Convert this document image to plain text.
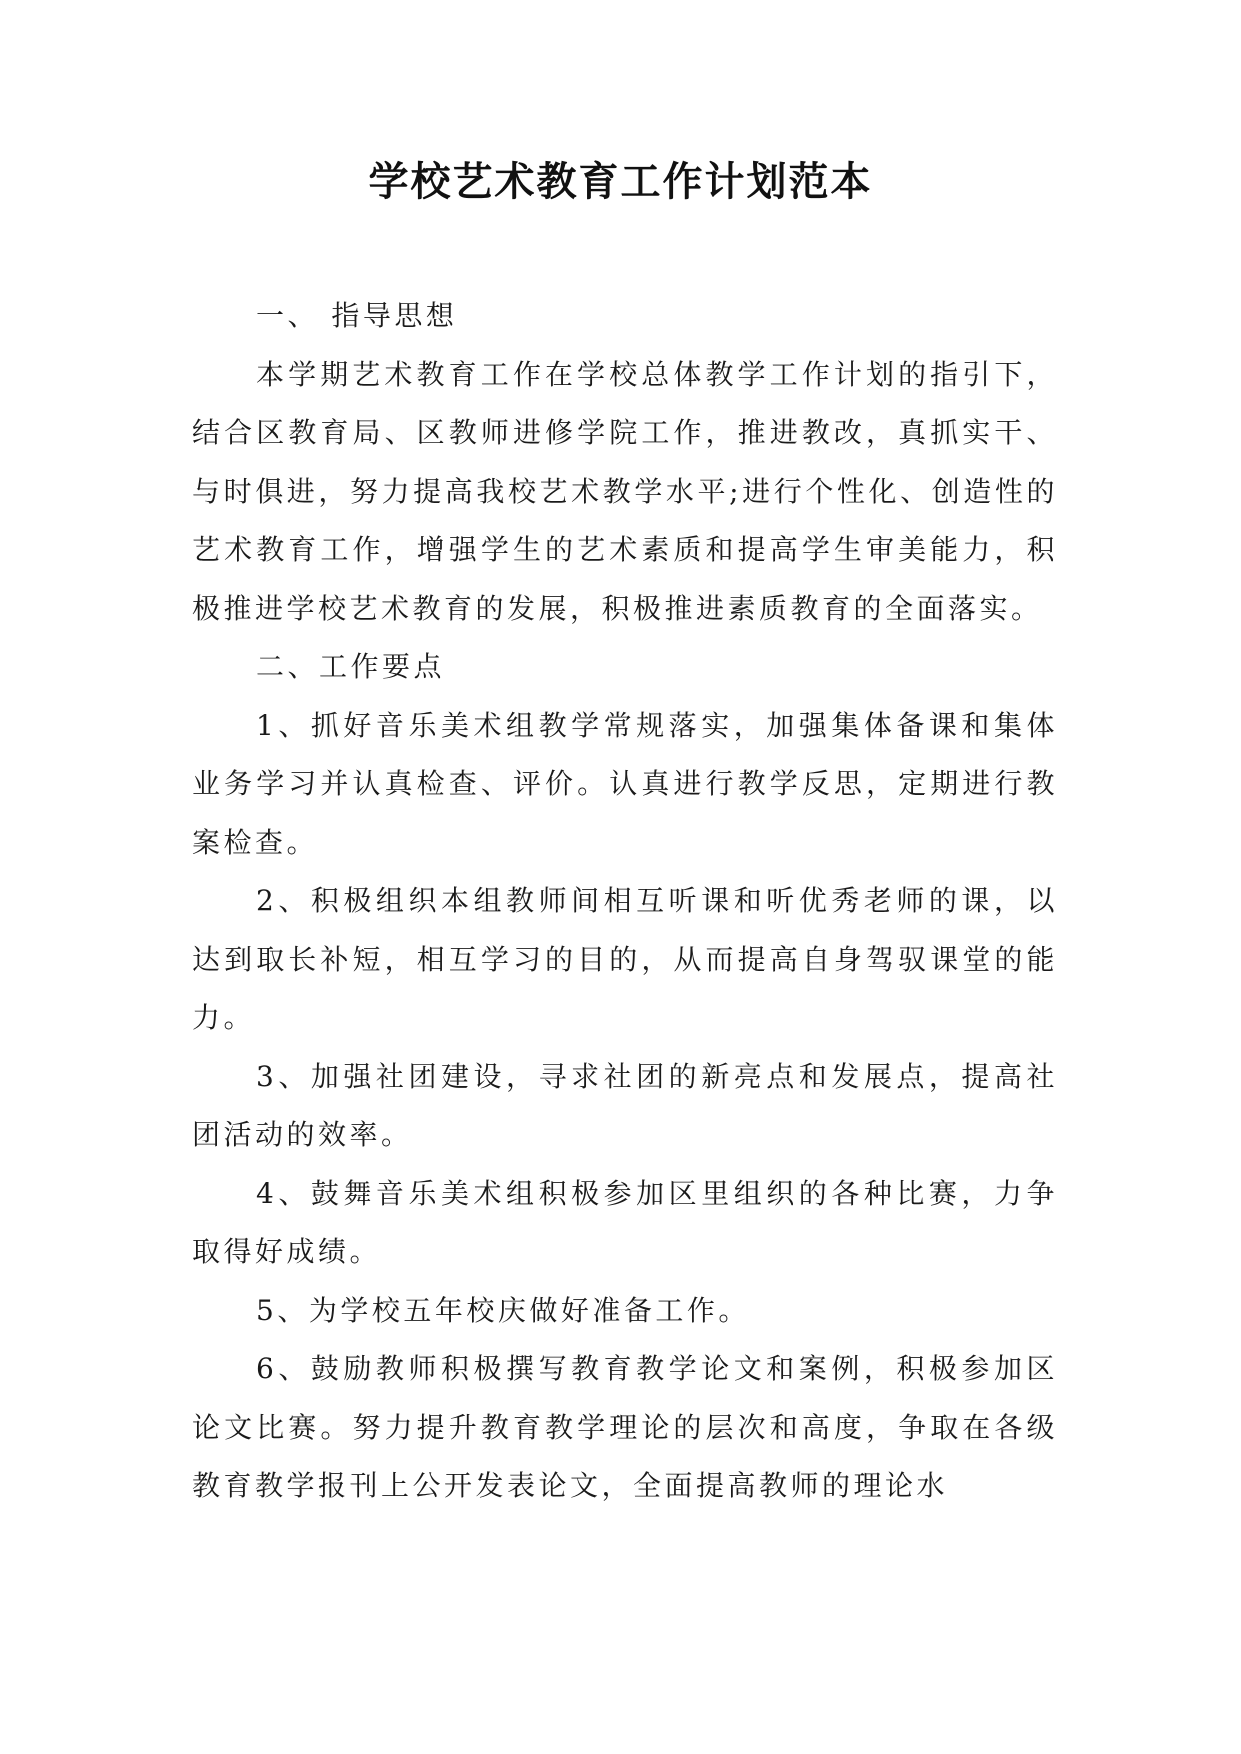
学校艺术教育工作计划范本

一、 指导思想

本学期艺术教育工作在学校总体教学工作计划的指引下，结合区教育局、区教师进修学院工作，推进教改，真抓实干、与时俱进，努力提高我校艺术教学水平;进行个性化、创造性的艺术教育工作，增强学生的艺术素质和提高学生审美能力，积极推进学校艺术教育的发展，积极推进素质教育的全面落实。

二、工作要点

1、抓好音乐美术组教学常规落实，加强集体备课和集体业务学习并认真检查、评价。认真进行教学反思，定期进行教案检查。

2、积极组织本组教师间相互听课和听优秀老师的课，以达到取长补短，相互学习的目的，从而提高自身驾驭课堂的能力。

3、加强社团建设，寻求社团的新亮点和发展点，提高社团活动的效率。

4、鼓舞音乐美术组积极参加区里组织的各种比赛，力争取得好成绩。

5、为学校五年校庆做好准备工作。

6、鼓励教师积极撰写教育教学论文和案例，积极参加区论文比赛。努力提升教育教学理论的层次和高度，争取在各级教育教学报刊上公开发表论文，全面提高教师的理论水
